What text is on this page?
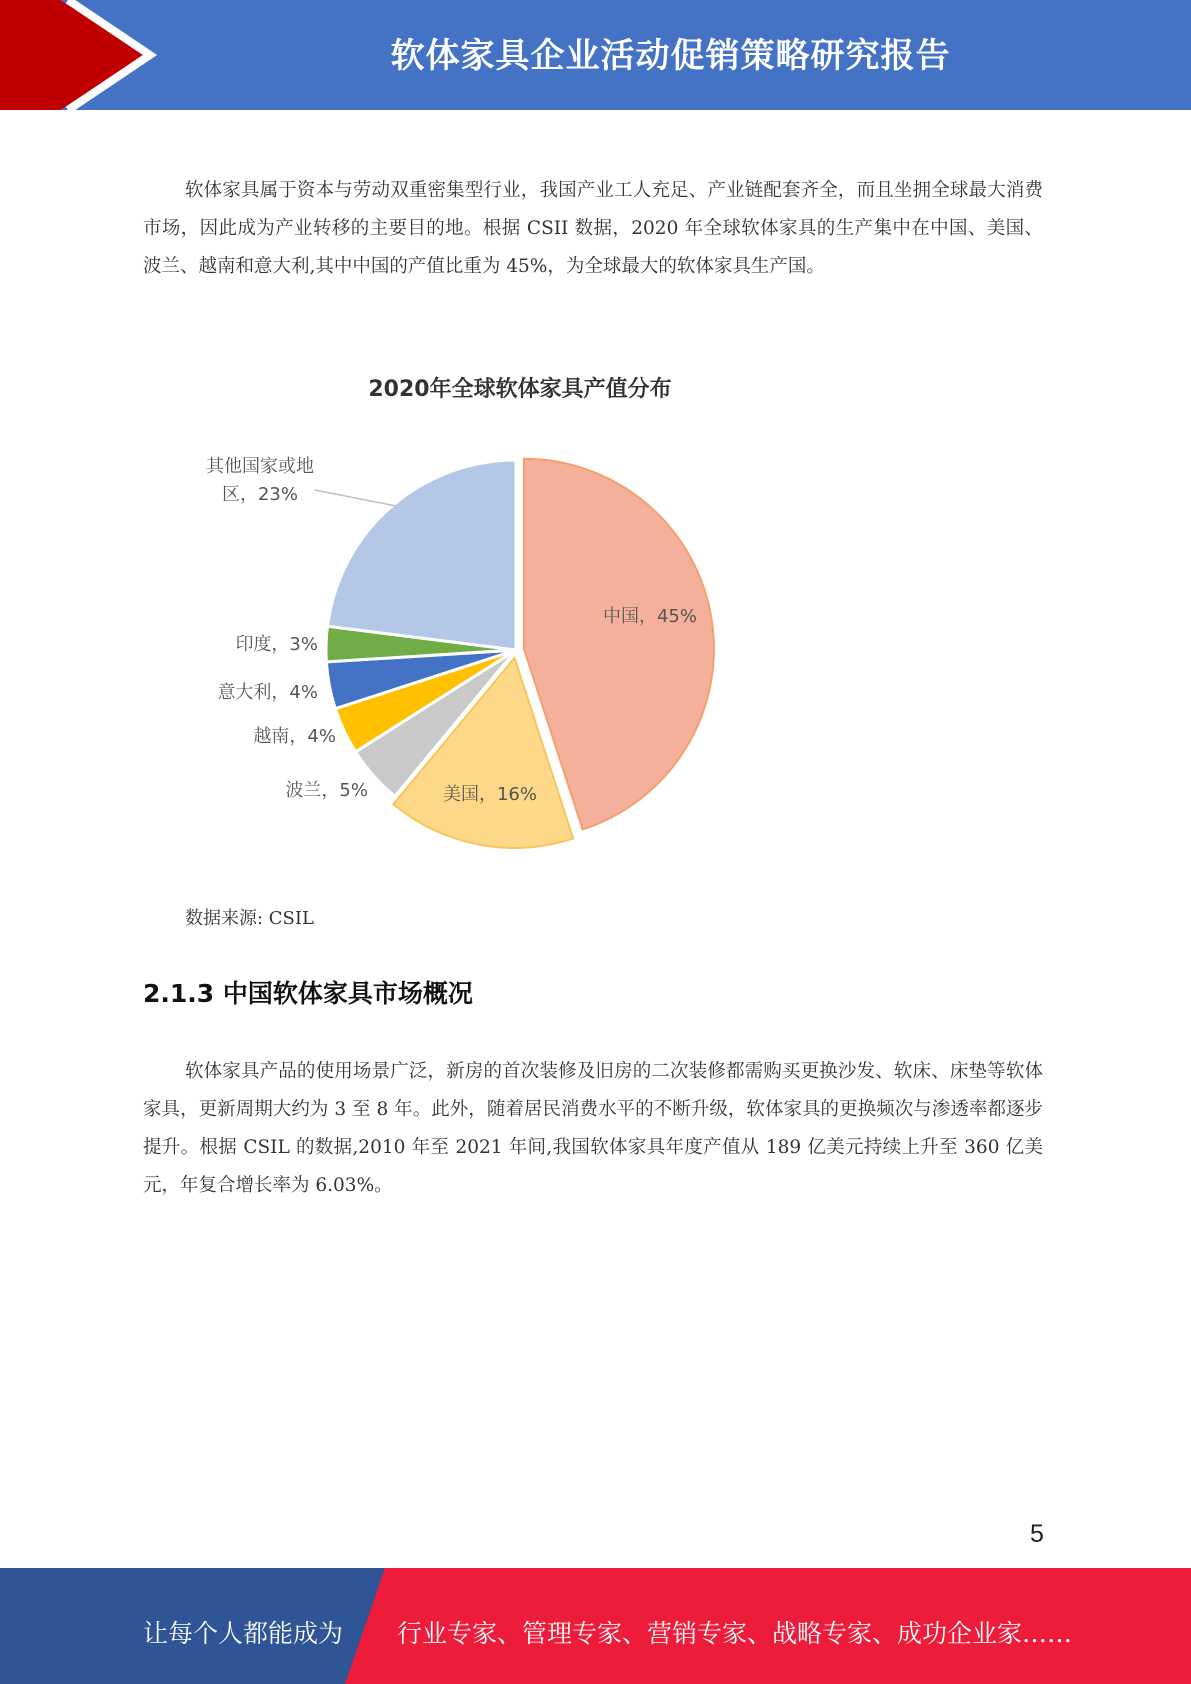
软体家具企业活动促销策略研究报告
软体家具属于资本与劳动双重密集型行业，我国产业工人充足、产业链配套齐全，而且坐拥全球最大消费市场，因此成为产业转移的主要目的地。根据 CSII 数据，2020 年全球软体家具的生产集中在中国、美国、波兰、越南和意大利,其中中国的产值比重为 45%，为全球最大的软体家具生产国。
2020年全球软体家具产值分布
中国，45%
美国，16%
波兰，5%
越南，4%
意大利，4%
印度，3%
其他国家或地
区，23%
数据来源: CSIL
2.1.3 中国软体家具市场概况
软体家具产品的使用场景广泛，新房的首次装修及旧房的二次装修都需购买更换沙发、软床、床垫等软体家具，更新周期大约为 3 至 8 年。此外，随着居民消费水平的不断升级，软体家具的更换频次与渗透率都逐步提升。根据 CSIL 的数据,2010 年至 2021 年间,我国软体家具年度产值从 189 亿美元持续上升至 360 亿美元，年复合增长率为 6.03%。
5
让每个人都能成为 行业专家、管理专家、营销专家、战略专家、成功企业家……
